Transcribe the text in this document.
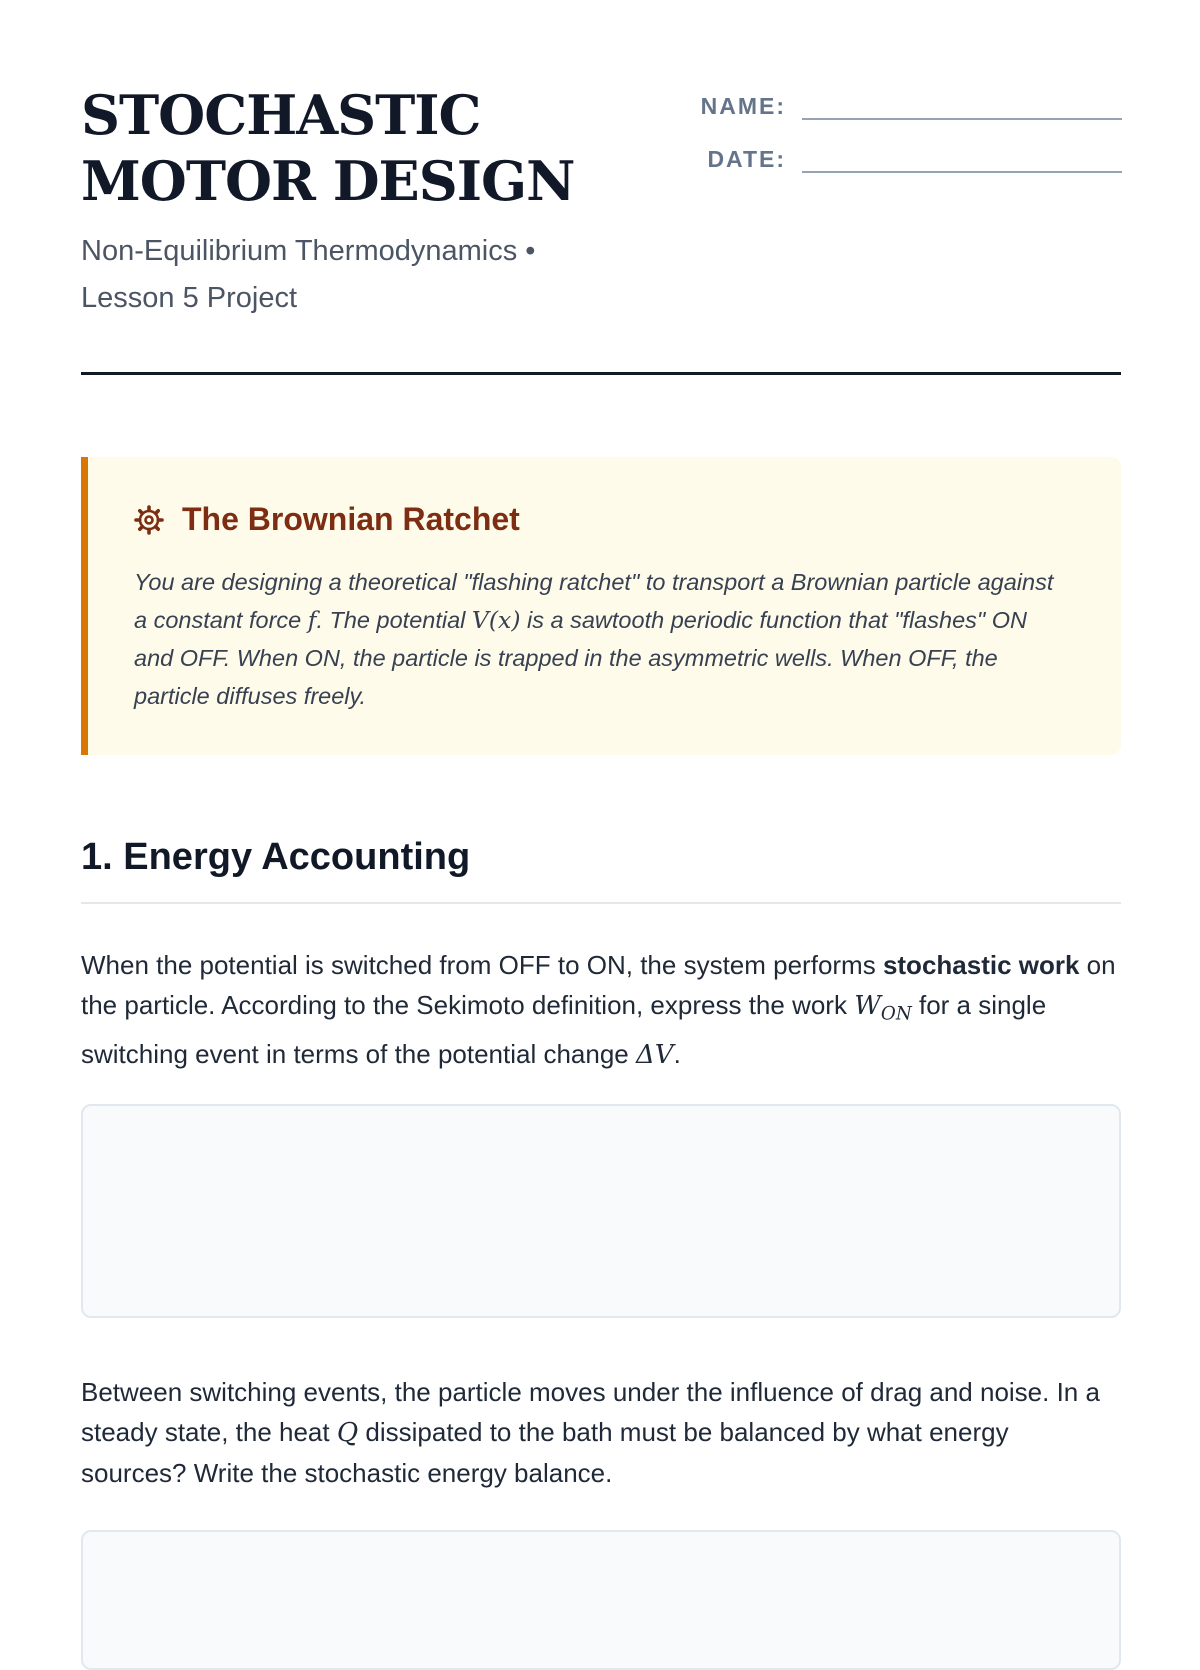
STOCHASTIC MOTOR DESIGN
NAME:
DATE:
Non-Equilibrium Thermodynamics • Lesson 5 Project
The Brownian Ratchet
You are designing a theoretical "flashing ratchet" to transport a Brownian particle against a constant force f. The potential V(x) is a sawtooth periodic function that "flashes" ON and OFF. When ON, the particle is trapped in the asymmetric wells. When OFF, the particle diffuses freely.
1. Energy Accounting
When the potential is switched from OFF to ON, the system performs stochastic work on the particle. According to the Sekimoto definition, express the work $W_{ON}$ for a single switching event in terms of the potential change ΔV.
Between switching events, the particle moves under the influence of drag and noise. In a steady state, the heat Q dissipated to the bath must be balanced by what energy sources? Write the stochastic energy balance.
